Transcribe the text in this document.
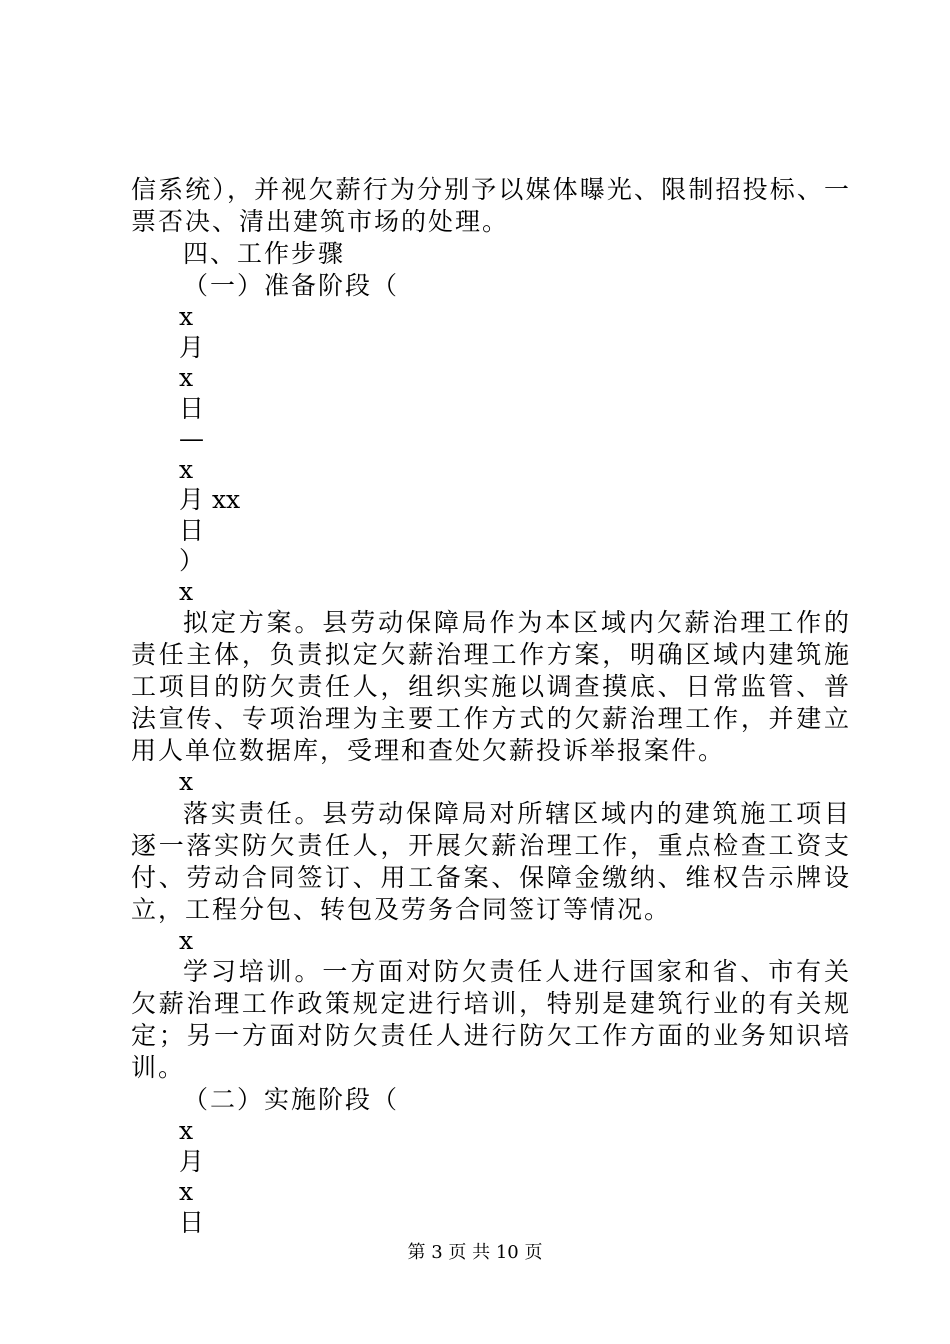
信系统），并视欠薪行为分别予以媒体曝光、限制招投标、一票否决、清出建筑市场的处理。

四、工作步骤

（一）准备阶段（

x

月

x

日

—

x

月 xx

日

）

x

拟定方案。县劳动保障局作为本区域内欠薪治理工作的责任主体，负责拟定欠薪治理工作方案，明确区域内建筑施工项目的防欠责任人，组织实施以调查摸底、日常监管、普法宣传、专项治理为主要工作方式的欠薪治理工作，并建立用人单位数据库，受理和查处欠薪投诉举报案件。

x

落实责任。县劳动保障局对所辖区域内的建筑施工项目逐一落实防欠责任人，开展欠薪治理工作，重点检查工资支付、劳动合同签订、用工备案、保障金缴纳、维权告示牌设立，工程分包、转包及劳务合同签订等情况。

x

学习培训。一方面对防欠责任人进行国家和省、市有关欠薪治理工作政策规定进行培训，特别是建筑行业的有关规定；另一方面对防欠责任人进行防欠工作方面的业务知识培训。

（二）实施阶段（

x

月

x

日

第 3 页 共 10 页
